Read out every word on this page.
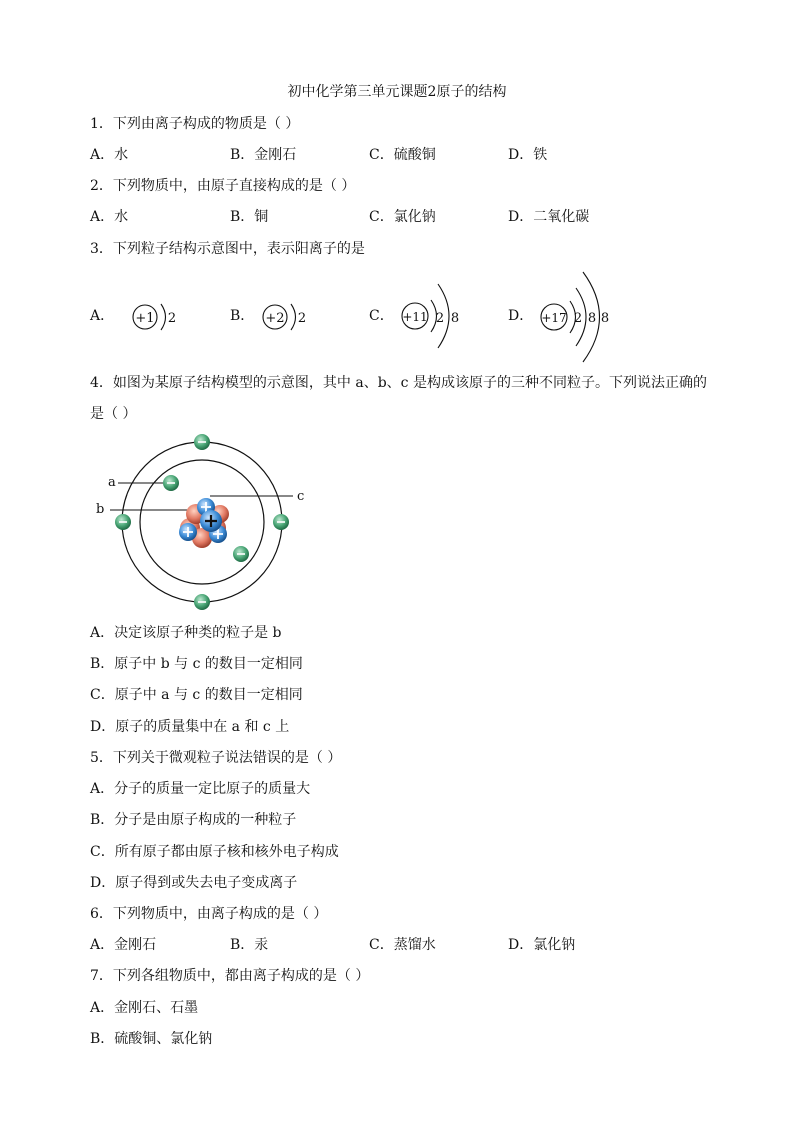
初中化学第三单元课题2原子的结构
1．下列由离子构成的物质是（ ）
A．水	B．金刚石	C．硫酸铜	D．铁
2．下列物质中，由原子直接构成的是（ ）
A．水	B．铜	C．氯化钠	D．二氧化碳
3．下列粒子结构示意图中，表示阳离子的是
A．	B．	C．	D．
+1 2	+2 2	+11 2 8	+17 2 8 8
4．如图为某原子结构模型的示意图，其中 a、b、c 是构成该原子的三种不同粒子。下列说法正确的
是（ ）
a
b
c
A．决定该原子种类的粒子是 b
B．原子中 b 与 c 的数目一定相同
C．原子中 a 与 c 的数目一定相同
D．原子的质量集中在 a 和 c 上
5．下列关于微观粒子说法错误的是（ ）
A．分子的质量一定比原子的质量大
B．分子是由原子构成的一种粒子
C．所有原子都由原子核和核外电子构成
D．原子得到或失去电子变成离子
6．下列物质中，由离子构成的是（ ）
A．金刚石	B．汞	C．蒸馏水	D．氯化钠
7．下列各组物质中，都由离子构成的是（ ）
A．金刚石、石墨
B．硫酸铜、氯化钠
